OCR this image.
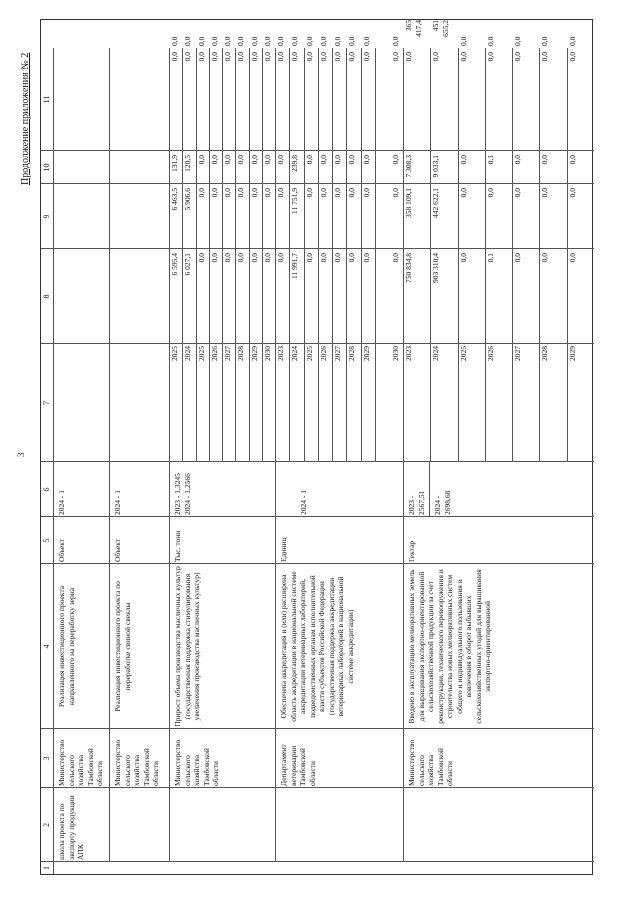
Продолжение приложения № 2
3
1
2
3
4
5
6
7
8
9
10
11
школа проекта по экспорту продукции АПК
Министерство сельского хозяйства Тамбовской области
Реализация инвестиционного проекта направленного на переработку зерна
Объект
2024 - 1
Министерство сельского хозяйства Тамбовской области
Реализация инвестиционного проекта по переработке свиной свеклы
Объект
2024 - 1
Министерство сельского хозяйства Тамбовской области
Прирост объема производства масличных культур (государственная поддержка стимулирования увеличения производства масличных культур)
Тыс. тонн
2023 - 1,3245
2024 - 1,2566
2025
6 595,4
6 463,5
131,9
0,0
0,0
2024
6 027,1
5 906,6
120,5
0,0
0,0
2025
0,0
0,0
0,0
0,0
0,0
2026
0,0
0,0
0,0
0,0
0,0
2027
0,0
0,0
0,0
0,0
0,0
2028
0,0
0,0
0,0
0,0
0,0
2029
0,0
0,0
0,0
0,0
0,0
2030
0,0
0,0
0,0
0,0
0,0
Департамент ветеринарии Тамбовской области
Обеспечена аккредитация и (или) расширена область аккредитации в национальной системе аккредитации ветеринарных лабораторий, подведомственных органам исполнительной власти субъектов Российской Федерации (государственная поддержка аккредитации ветеринарных лабораторий в национальной системе аккредитации)
Единиц
2024 - 1
2023
0,0
0,0
0,0
0,0
0,0
2024
11 991,7
11 751,9
239,8
0,0
0,0
2025
0,0
0,0
0,0
0,0
0,0
2026
0,0
0,0
0,0
0,0
0,0
2027
0,0
0,0
0,0
0,0
0,0
2028
0,0
0,0
0,0
0,0
0,0
2029
0,0
0,0
0,0
0,0
0,0
2030
0,0
0,0
0,0
0,0
0,0
Министерство сельского хозяйства Тамбовской области
Введено в эксплуатацию мелиоративных земель для выращивания экспортно-ориентированной сельскохозяйственной продукции за счет реконструкции, технического перевооружения и строительства новых мелиоративных систем общего и индивидуального пользования и вовлечения в оборот выбывших сельскохозяйственных угодий для выращивания экспортно-ориентированной
Гектар
2023 -
2567,51 2024 -
2698,68
2023
750 834,8
358 109,1
7 308,3
0,0
365 417,4
2024
903 310,4
442 622,1
9 033,1
0,0
451 655,2
2025
0,0
0,0
0,0
0,0
0,0
2026
0,1
0,0
0,1
0,0
0,0
2027
0,0
0,0
0,0
0,0
0,0
2028
0,0
0,0
0,0
0,0
0,0
2029
0,0
0,0
0,0
0,0
0,0
